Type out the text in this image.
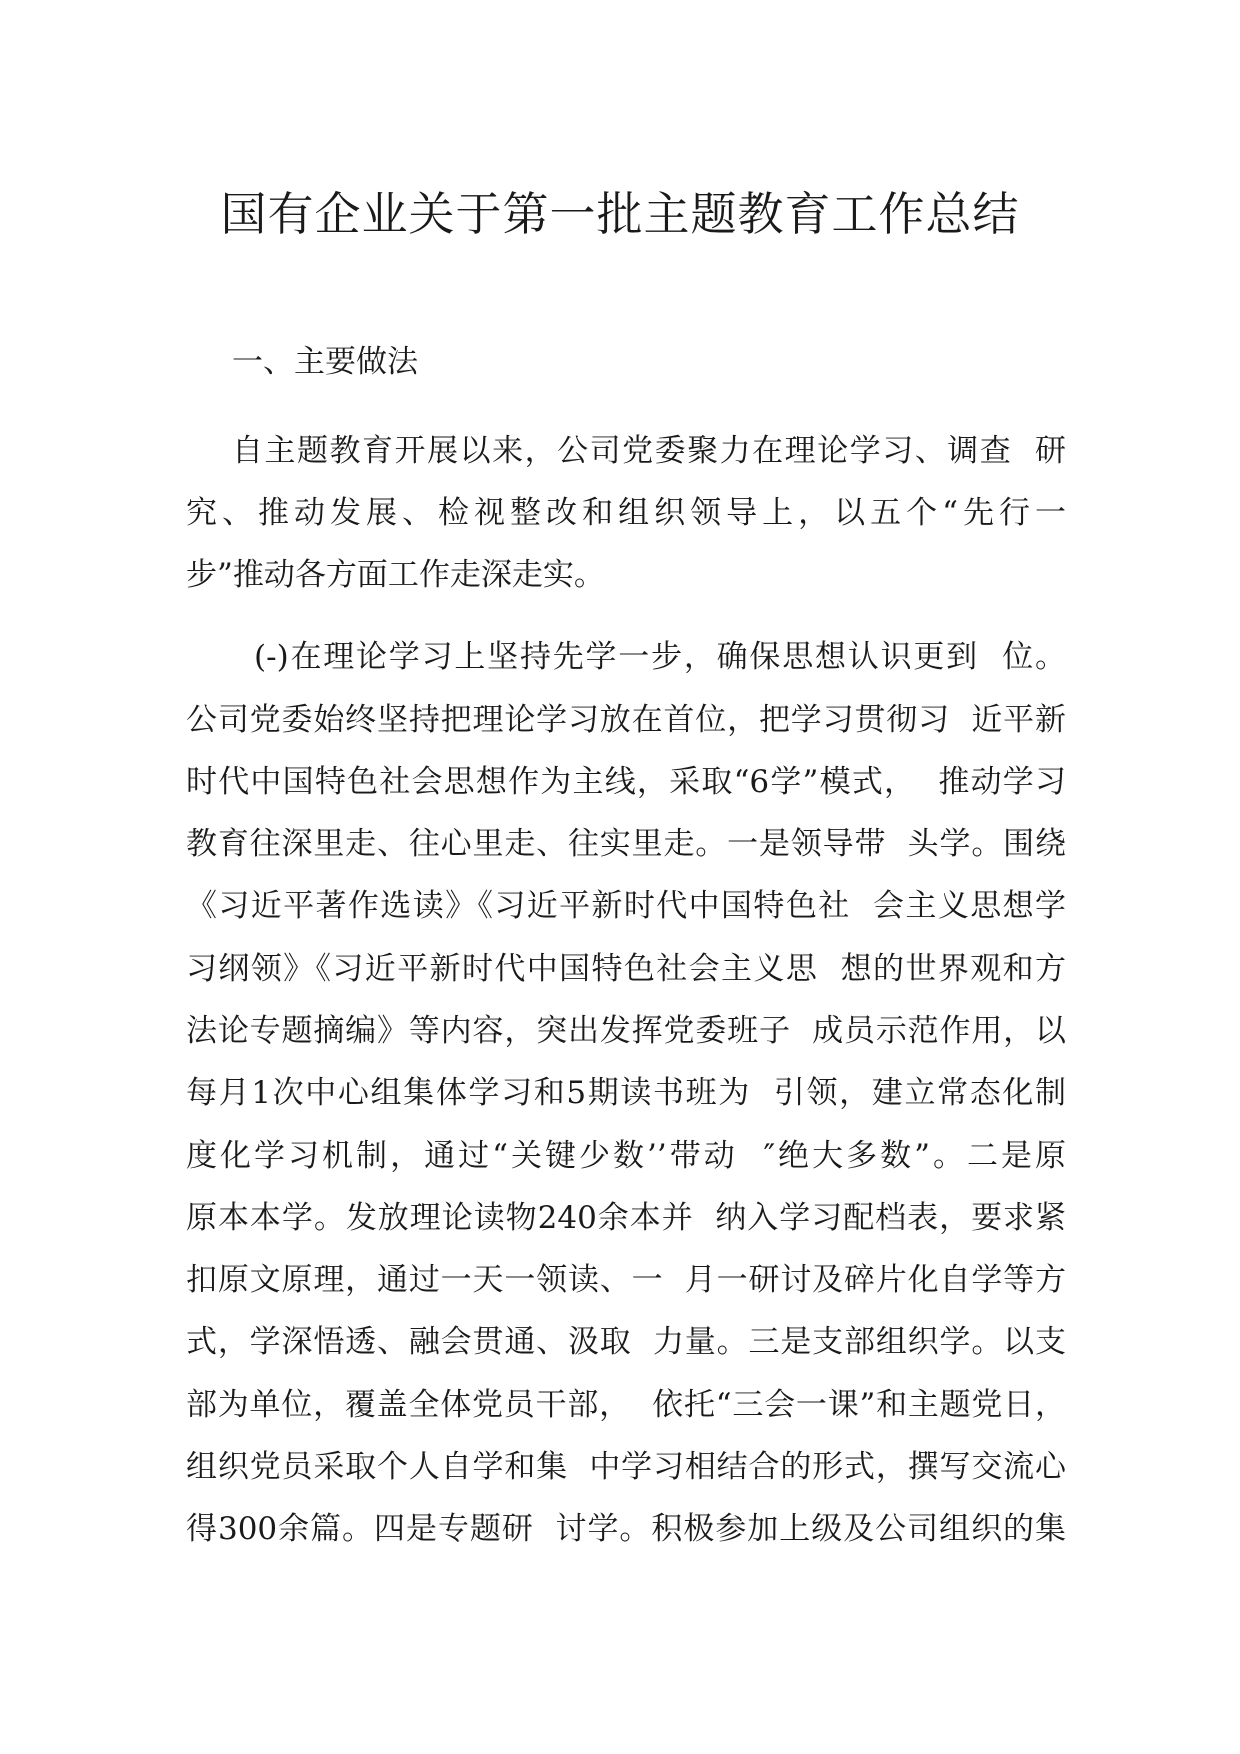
国有企业关于第一批主题教育工作总结
一、主要做法
自主题教育开展以来，公司党委聚力在理论学习、调查  研
究、推动发展、检视整改和组织领导上，以五个“先行一
步”推动各方面工作走深走实。
(-)在理论学习上坚持先学一步，确保思想认识更到  位。
公司党委始终坚持把理论学习放在首位，把学习贯彻习  近平新
时代中国特色社会思想作为主线，采取“6学”模式，  推动学习
教育往深里走、往心里走、往实里走。一是领导带  头学。围绕
《习近平著作选读》《习近平新时代中国特色社  会主义思想学
习纲领》《习近平新时代中国特色社会主义思  想的世界观和方
法论专题摘编》等内容，突出发挥党委班子  成员示范作用，以
每月1次中心组集体学习和5期读书班为  引领，建立常态化制
度化学习机制，通过“关键少数’’带动  ″绝大多数”。二是原
原本本学。发放理论读物240余本并  纳入学习配档表，要求紧
扣原文原理，通过一天一领读、一  月一研讨及碎片化自学等方
式，学深悟透、融会贯通、汲取  力量。三是支部组织学。以支
部为单位，覆盖全体党员干部，  依托“三会一课”和主题党日，
组织党员采取个人自学和集  中学习相结合的形式，撰写交流心
得300余篇。四是专题研  讨学。积极参加上级及公司组织的集
